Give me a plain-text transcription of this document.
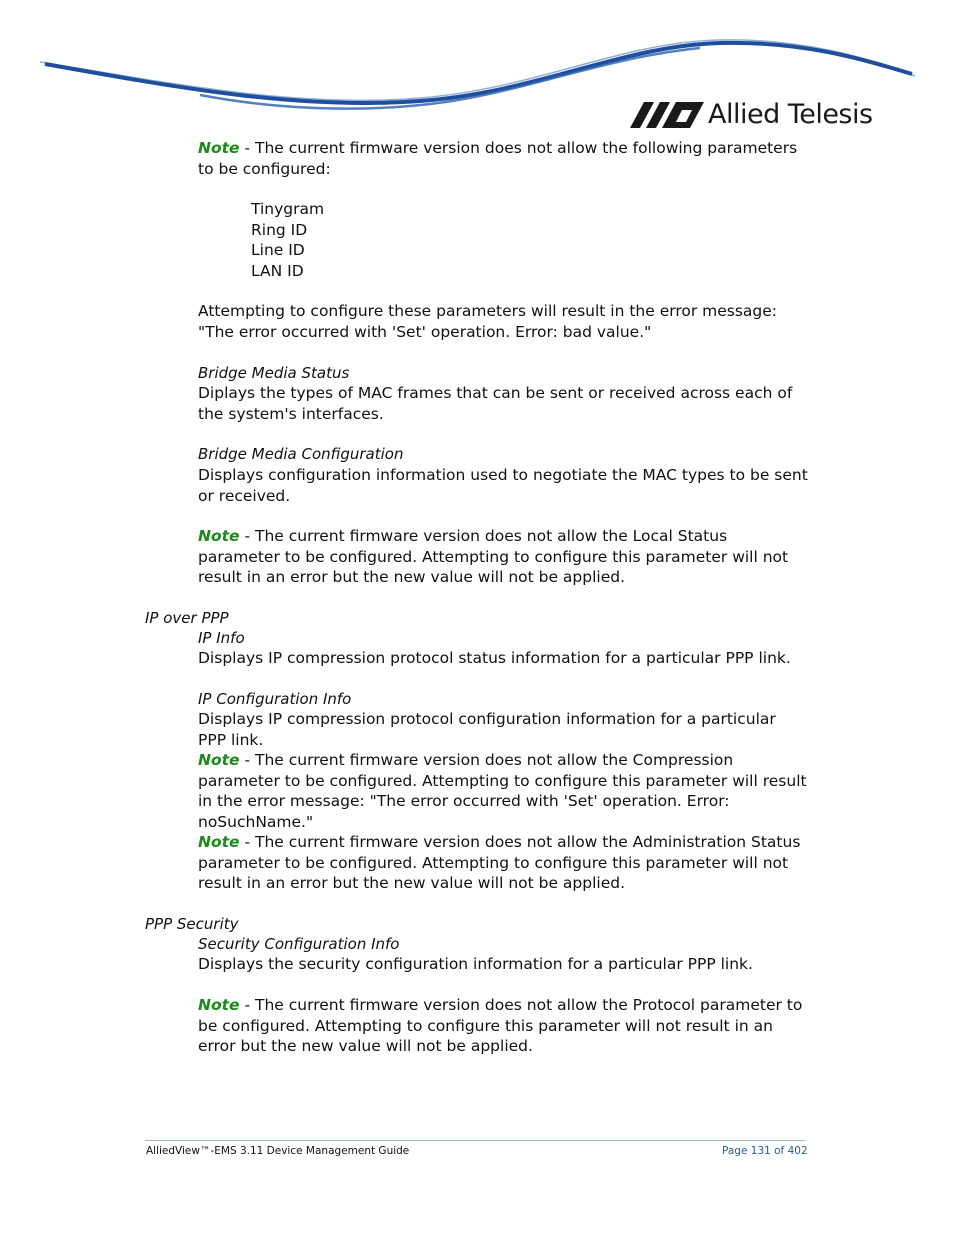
Allied Telesis

Note - The current firmware version does not allow the following parameters to be configured:

Tinygram
Ring ID
Line ID
LAN ID

Attempting to configure these parameters will result in the error message: "The error occurred with 'Set' operation. Error: bad value."

Bridge Media Status

Diplays the types of MAC frames that can be sent or received across each of the system's interfaces.

Bridge Media Configuration

Displays configuration information used to negotiate the MAC types to be sent or received.

Note - The current firmware version does not allow the Local Status parameter to be configured. Attempting to configure this parameter will not result in an error but the new value will not be applied.

IP over PPP

IP Info

Displays IP compression protocol status information for a particular PPP link.

IP Configuration Info

Displays IP compression protocol configuration information for a particular PPP link.

Note - The current firmware version does not allow the Compression parameter to be configured. Attempting to configure this parameter will result in the error message: "The error occurred with 'Set' operation. Error: noSuchName."

Note - The current firmware version does not allow the Administration Status parameter to be configured. Attempting to configure this parameter will not result in an error but the new value will not be applied.

PPP Security

Security Configuration Info

Displays the security configuration information for a particular PPP link.

Note - The current firmware version does not allow the Protocol parameter to be configured. Attempting to configure this parameter will not result in an error but the new value will not be applied.

AlliedView™-EMS 3.11 Device Management Guide	Page 131 of 402
